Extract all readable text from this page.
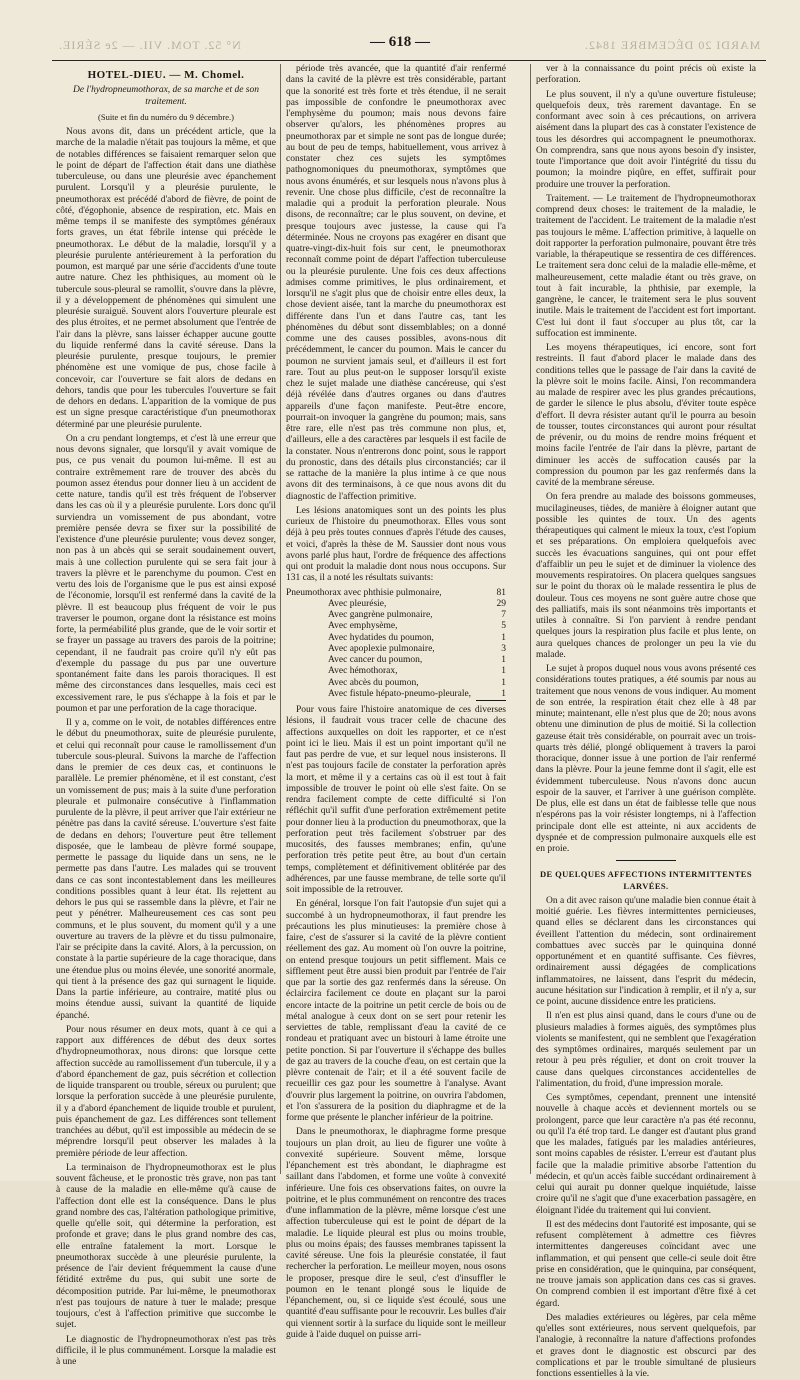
N° 52. TOM. VII. — 2e SÉRIE.	— 618 —	MARDI 20 DÉCEMBRE 1842.
HOTEL-DIEU. — M. Chomel.
De l'hydropneumothorax, de sa marche et de son traitement.
(Suite et fin du numéro du 9 décembre.)

Nous avons dit, dans un précédent article, que la marche de la maladie n'était pas toujours la même, et que de notables différences se faisaient remarquer selon que le point de départ de l'affection était dans une diathèse tuberculeuse, ou dans une pleurésie avec épanchement purulent. Lorsqu'il y a pleurésie purulente, le pneumothorax est précédé d'abord de fièvre, de point de côté, d'égophonie, absence de respiration, etc. Mais en même temps il se manifeste des symptômes généraux forts graves, un état fébrile intense qui précède le pneumothorax. Le début de la maladie, lorsqu'il y a pleurésie purulente antérieurement à la perforation du poumon, est marqué par une série d'accidents d'une toute autre nature. Chez les phthisiques, au moment où le tubercule sous-pleural se ramollit, s'ouvre dans la plèvre, il y a développement de phénomènes qui simulent une pleurésie suraiguë. Souvent alors l'ouverture pleurale est des plus étroites, et ne permet absolument que l'entrée de l'air dans la plèvre, sans laisser échapper aucune goutte du liquide renfermé dans la cavité séreuse. Dans la pleurésie purulente, presque toujours, le premier phénomène est une vomique de pus, chose facile à concevoir, car l'ouverture se fait alors de dedans en dehors, tandis que pour les tubercules l'ouverture se fait de dehors en dedans. L'apparition de la vomique de pus est un signe presque caractéristique d'un pneumothorax déterminé par une pleurésie purulente.

On a cru pendant longtemps, et c'est là une erreur que nous devons signaler, que lorsqu'il y avait vomique de pus, ce pus venait du poumon lui-même. Il est au contraire extrêmement rare de trouver des abcès du poumon assez étendus pour donner lieu à un accident de cette nature, tandis qu'il est très fréquent de l'observer dans les cas où il y a pleurésie purulente. Lors donc qu'il surviendra un vomissement de pus abondant, votre première pensée devra se fixer sur la possibilité de l'existence d'une pleurésie purulente; vous devez songer, non pas à un abcès qui se serait soudainement ouvert, mais à une collection purulente qui se sera fait jour à travers la plèvre et le parenchyme du poumon. C'est en vertu des lois de l'organisme que le pus est ainsi exposé de l'économie, lorsqu'il est renfermé dans la cavité de la plèvre. Il est beaucoup plus fréquent de voir le pus traverser le poumon, organe dont la résistance est moins forte, la perméabilité plus grande, que de le voir sortir et se frayer un passage au travers des parois de la poitrine; cependant, il ne faudrait pas croire qu'il n'y eût pas d'exemple du passage du pus par une ouverture spontanément faite dans les parois thoraciques. Il est même des circonstances dans lesquelles, mais ceci est excessivement rare, le pus s'échappe à la fois et par le poumon et par une perforation de la cage thoracique.

Il y a, comme on le voit, de notables différences entre le début du pneumothorax, suite de pleurésie purulente, et celui qui reconnaît pour cause le ramollissement d'un tubercule sous-pleural. Suivons la marche de l'affection dans le premier de ces deux cas, et continuons le parallèle. Le premier phénomène, et il est constant, c'est un vomissement de pus; mais à la suite d'une perforation pleurale et pulmonaire consécutive à l'inflammation purulente de la plèvre, il peut arriver que l'air extérieur ne pénètre pas dans la cavité séreuse. L'ouverture s'est faite de dedans en dehors; l'ouverture peut être tellement disposée, que le lambeau de plèvre formé soupape, permette le passage du liquide dans un sens, ne le permette pas dans l'autre. Les malades qui se trouvent dans ce cas sont incontestablement dans les meilleures conditions possibles quant à leur état. Ils rejettent au dehors le pus qui se rassemble dans la plèvre, et l'air ne peut y pénétrer. Malheureusement ces cas sont peu communs, et le plus souvent, du moment qu'il y a une ouverture au travers de la plèvre et du tissu pulmonaire, l'air se précipite dans la cavité. Alors, à la percussion, on constate à la partie supérieure de la cage thoracique, dans une étendue plus ou moins élevée, une sonorité anormale, qui tient à la présence des gaz qui surnagent le liquide. Dans la partie inférieure, au contraire, matité plus ou moins étendue aussi, suivant la quantité de liquide épanché.

Pour nous résumer en deux mots, quant à ce qui a rapport aux différences de début des deux sortes d'hydropneumothorax, nous dirons: que lorsque cette affection succède au ramollissement d'un tubercule, il y a d'abord épanchement de gaz, puis sécrétion et collection de liquide transparent ou trouble, séreux ou purulent; que lorsque la perforation succède à une pleurésie purulente, il y a d'abord épanchement de liquide trouble et purulent, puis épanchement de gaz. Les différences sont tellement tranchées au début, qu'il est impossible au médecin de se méprendre lorsqu'il peut observer les malades à la première période de leur affection.

La terminaison de l'hydropneumothorax est le plus souvent fâcheuse, et le pronostic très grave, non pas tant à cause de la maladie en elle-même qu'à cause de l'affection dont elle est la conséquence. Dans le plus grand nombre des cas, l'altération pathologique primitive, quelle qu'elle soit, qui détermine la perforation, est profonde et grave; dans le plus grand nombre des cas, elle entraîne fatalement la mort. Lorsque le pneumothorax succède à une pleurésie purulente, la présence de l'air devient fréquemment la cause d'une fétidité extrême du pus, qui subit une sorte de décomposition putride. Par lui-même, le pneumothorax n'est pas toujours de nature à tuer le malade; presque toujours, c'est à l'affection primitive que succombe le sujet.

Le diagnostic de l'hydropneumothorax n'est pas très difficile, il le plus communément. Lorsque la maladie est à une

période très avancée, que la quantité d'air renfermé dans la cavité de la plèvre est très considérable, partant que la sonorité est très forte et très étendue, il ne serait pas impossible de confondre le pneumothorax avec l'emphysème du poumon; mais nous devons faire observer qu'alors, les phénomènes propres au pneumothorax par et simple ne sont pas de longue durée; au bout de peu de temps, habituellement, vous arrivez à constater chez ces sujets les symptômes pathognomoniques du pneumothorax, symptômes que nous avons énumérés, et sur lesquels nous n'avons plus à revenir. Une chose plus difficile, c'est de reconnaître la maladie qui a produit la perforation pleurale. Nous disons, de reconnaître; car le plus souvent, on devine, et presque toujours avec justesse, la cause qui l'a déterminée. Nous ne croyons pas exagérer en disant que quatre-vingt-dix-huit fois sur cent, le pneumothorax reconnaît comme point de départ l'affection tuberculeuse ou la pleurésie purulente. Une fois ces deux affections admises comme primitives, le plus ordinairement, et lorsqu'il ne s'agit plus que de choisir entre elles deux, la chose devient aisée, tant la marche du pneumothorax est différente dans l'un et dans l'autre cas, tant les phénomènes du début sont dissemblables; on a donné comme une des causes possibles, avons-nous dit précédemment, le cancer du poumon. Mais le cancer du poumon ne survient jamais seul, et d'ailleurs il est fort rare. Tout au plus peut-on le supposer lorsqu'il existe chez le sujet malade une diathèse cancéreuse, qui s'est déjà révélée dans d'autres organes ou dans d'autres appareils d'une façon manifeste. Peut-être encore, pourrait-on invoquer la gangrène du poumon; mais, sans être rare, elle n'est pas très commune non plus, et, d'ailleurs, elle a des caractères par lesquels il est facile de la constater. Nous n'entrerons donc point, sous le rapport du pronostic, dans des détails plus circonstanciés; car il se rattache de la manière la plus intime à ce que nous avons dit des terminaisons, à ce que nous avons dit du diagnostic de l'affection primitive.

Les lésions anatomiques sont un des points les plus curieux de l'histoire du pneumothorax. Elles vous sont déjà à peu près toutes connues d'après l'étude des causes, et voici, d'après la thèse de M. Saussier dont nous vous avons parlé plus haut, l'ordre de fréquence des affections qui ont produit la maladie dont nous nous occupons. Sur 131 cas, il a noté les résultats suivants:

Pneumothorax avec phthisie pulmonaire,	81
Avec pleurésie,	29
Avec gangrène pulmonaire,	7
Avec emphysème,	5
Avec hydatides du poumon,	1
Avec apoplexie pulmonaire,	3
Avec cancer du poumon,	1
Avec hémothorax,	1
Avec abcès du poumon,	1
Avec fistule hépato-pneumo-pleurale,	1

Pour vous faire l'histoire anatomique de ces diverses lésions, il faudrait vous tracer celle de chacune des affections auxquelles on doit les rapporter, et ce n'est point ici le lieu. Mais il est un point important qu'il ne faut pas perdre de vue, et sur lequel nous insisterons. Il n'est pas toujours facile de constater la perforation après la mort, et même il y a certains cas où il est tout à fait impossible de trouver le point où elle s'est faite. On se rendra facilement compte de cette difficulté si l'on réfléchit qu'il suffit d'une perforation extrêmement petite pour donner lieu à la production du pneumothorax, que la perforation peut très facilement s'obstruer par des mucosités, des fausses membranes; enfin, qu'une perforation très petite peut être, au bout d'un certain temps, complètement et définitivement oblitérée par des adhérences, par une fausse membrane, de telle sorte qu'il soit impossible de la retrouver.

En général, lorsque l'on fait l'autopsie d'un sujet qui a succombé à un hydropneumothorax, il faut prendre les précautions les plus minutieuses: la première chose à faire, c'est de s'assurer si la cavité de la plèvre contient réellement des gaz. Au moment où l'on ouvre la poitrine, on entend presque toujours un petit sifflement. Mais ce sifflement peut être aussi bien produit par l'entrée de l'air que par la sortie des gaz renfermés dans la séreuse. On éclaircira facilement ce doute en plaçant sur la paroi encore intacte de la poitrine un petit cercle de bois ou de métal analogue à ceux dont on se sert pour retenir les serviettes de table, remplissant d'eau la cavité de ce rondeau et pratiquant avec un bistouri à lame étroite une petite ponction. Si par l'ouverture il s'échappe des bulles de gaz au travers de la couche d'eau, on est certain que la plèvre contenait de l'air; et il a été souvent facile de recueillir ces gaz pour les soumettre à l'analyse. Avant d'ouvrir plus largement la poitrine, on ouvrira l'abdomen, et l'on s'assurera de la position du diaphragme et de la forme que présente le plancher inférieur de la poitrine.

Dans le pneumothorax, le diaphragme forme presque toujours un plan droit, au lieu de figurer une voûte à convexité supérieure. Souvent même, lorsque l'épanchement est très abondant, le diaphragme est saillant dans l'abdomen, et forme une voûte à convexité inférieure. Une fois ces observations faites, on ouvre la poitrine, et le plus communément on rencontre des traces d'une inflammation de la plèvre, même lorsque c'est une affection tuberculeuse qui est le point de départ de la maladie. Le liquide pleural est plus ou moins trouble, plus ou moins épais; des fausses membranes tapissent la cavité séreuse. Une fois la pleurésie constatée, il faut rechercher la perforation. Le meilleur moyen, nous osons le proposer, presque dire le seul, c'est d'insuffler le poumon en le tenant plongé sous le liquide de l'épanchement, ou, si ce liquide s'est écoulé, sous une quantité d'eau suffisante pour le recouvrir. Les bulles d'air qui viennent sortir à la surface du liquide sont le meilleur guide à l'aide duquel on puisse arri-

ver à la connaissance du point précis où existe la perforation.

Le plus souvent, il n'y a qu'une ouverture fistuleuse; quelquefois deux, très rarement davantage. En se conformant avec soin à ces précautions, on arrivera aisément dans la plupart des cas à constater l'existence de tous les désordres qui accompagnent le pneumothorax. On comprendra, sans que nous ayons besoin d'y insister, toute l'importance que doit avoir l'intégrité du tissu du poumon; la moindre piqûre, en effet, suffirait pour produire une trouver la perforation.

Traitement. — Le traitement de l'hydropneumothorax comprend deux choses: le traitement de la maladie, le traitement de l'accident. Le traitement de la maladie n'est pas toujours le même. L'affection primitive, à laquelle on doit rapporter la perforation pulmonaire, pouvant être très variable, la thérapeutique se ressentira de ces différences. Le traitement sera donc celui de la maladie elle-même, et malheureusement, cette maladie étant ou très grave, on tout à fait incurable, la phthisie, par exemple, la gangrène, le cancer, le traitement sera le plus souvent inutile. Mais le traitement de l'accident est fort important. C'est lui dont il faut s'occuper au plus tôt, car la suffocation est imminente.

Les moyens thérapeutiques, ici encore, sont fort restreints. Il faut d'abord placer le malade dans des conditions telles que le passage de l'air dans la cavité de la plèvre soit le moins facile. Ainsi, l'on recommandera au malade de respirer avec les plus grandes précautions, de garder le silence le plus absolu, d'éviter toute espèce d'effort. Il devra résister autant qu'il le pourra au besoin de tousser, toutes circonstances qui auront pour résultat de prévenir, ou du moins de rendre moins fréquent et moins facile l'entrée de l'air dans la plèvre, partant de diminuer les accès de suffocation causés par la compression du poumon par les gaz renfermés dans la cavité de la membrane séreuse.

On fera prendre au malade des boissons gommeuses, mucilagineuses, tièdes, de manière à éloigner autant que possible les quintes de toux. Un des agents thérapeutiques qui calment le mieux la toux, c'est l'opium et ses préparations. On emploiera quelquefois avec succès les évacuations sanguines, qui ont pour effet d'affaiblir un peu le sujet et de diminuer la violence des mouvements respiratoires. On placera quelques sangsues sur le point du thorax où le malade ressentira le plus de douleur. Tous ces moyens ne sont guère autre chose que des palliatifs, mais ils sont néanmoins très importants et utiles à connaître. Si l'on parvient à rendre pendant quelques jours la respiration plus facile et plus lente, on aura quelques chances de prolonger un peu la vie du malade.

Le sujet à propos duquel nous vous avons présenté ces considérations toutes pratiques, a été soumis par nous au traitement que nous venons de vous indiquer. Au moment de son entrée, la respiration était chez elle à 48 par minute; maintenant, elle n'est plus que de 20; nous avons obtenu une diminution de plus de moitié. Si la collection gazeuse était très considérable, on pourrait avec un trois-quarts très délié, plongé obliquement à travers la paroi thoracique, donner issue à une portion de l'air renfermé dans la plèvre. Pour la jeune femme dont il s'agit, elle est évidemment tuberculeuse. Nous n'avons donc aucun espoir de la sauver, et l'arriver à une guérison complète. De plus, elle est dans un état de faiblesse telle que nous n'espérons pas la voir résister longtemps, ni à l'affection principale dont elle est atteinte, ni aux accidents de dyspnée et de compression pulmonaire auxquels elle est en proie.

DE QUELQUES AFFECTIONS INTERMITTENTES LARVÉES.

On a dit avec raison qu'une maladie bien connue était à moitié guérie. Les fièvres intermittentes pernicieuses, quand elles se déclarent dans les circonstances qui éveillent l'attention du médecin, sont ordinairement combattues avec succès par le quinquina donné opportunément et en quantité suffisante. Ces fièvres, ordinairement aussi dégagées de complications inflammatoires, ne laissent, dans l'esprit du médecin, aucune hésitation sur l'indication à remplir, et il n'y a, sur ce point, aucune dissidence entre les praticiens.

Il n'en est plus ainsi quand, dans le cours d'une ou de plusieurs maladies à formes aiguës, des symptômes plus violents se manifestent, qui ne semblent que l'exagération des symptômes ordinaires, marqués seulement par un retour à peu près régulier, et dont on croit trouver la cause dans quelques circonstances accidentelles de l'alimentation, du froid, d'une impression morale.

Ces symptômes, cependant, prennent une intensité nouvelle à chaque accès et deviennent mortels ou se prolongent, parce que leur caractère n'a pas été reconnu, ou qu'il l'a été trop tard. Le danger est d'autant plus grand que les malades, fatigués par les maladies antérieures, sont moins capables de résister. L'erreur est d'autant plus facile que la maladie primitive absorbe l'attention du médecin, et qu'un accès faible succédant ordinairement à celui qui aurait pu donner quelque inquiétude, laisse croire qu'il ne s'agit que d'une exacerbation passagère, en éloignant l'idée du traitement qui lui convient.

Il est des médecins dont l'autorité est imposante, qui se refusent complètement à admettre ces fièvres intermittentes dangereuses coïncidant avec une inflammation, et qui pensent que celle-ci seule doit être prise en considération, que le quinquina, par conséquent, ne trouve jamais son application dans ces cas si graves. On comprend combien il est important d'être fixé à cet égard.

Des maladies extérieures ou légères, par cela même qu'elles sont extérieures, nous servent quelquefois, par l'analogie, à reconnaître la nature d'affections profondes et graves dont le diagnostic est obscurci par des complications et par le trouble simultané de plusieurs fonctions essentielles à la vie.
